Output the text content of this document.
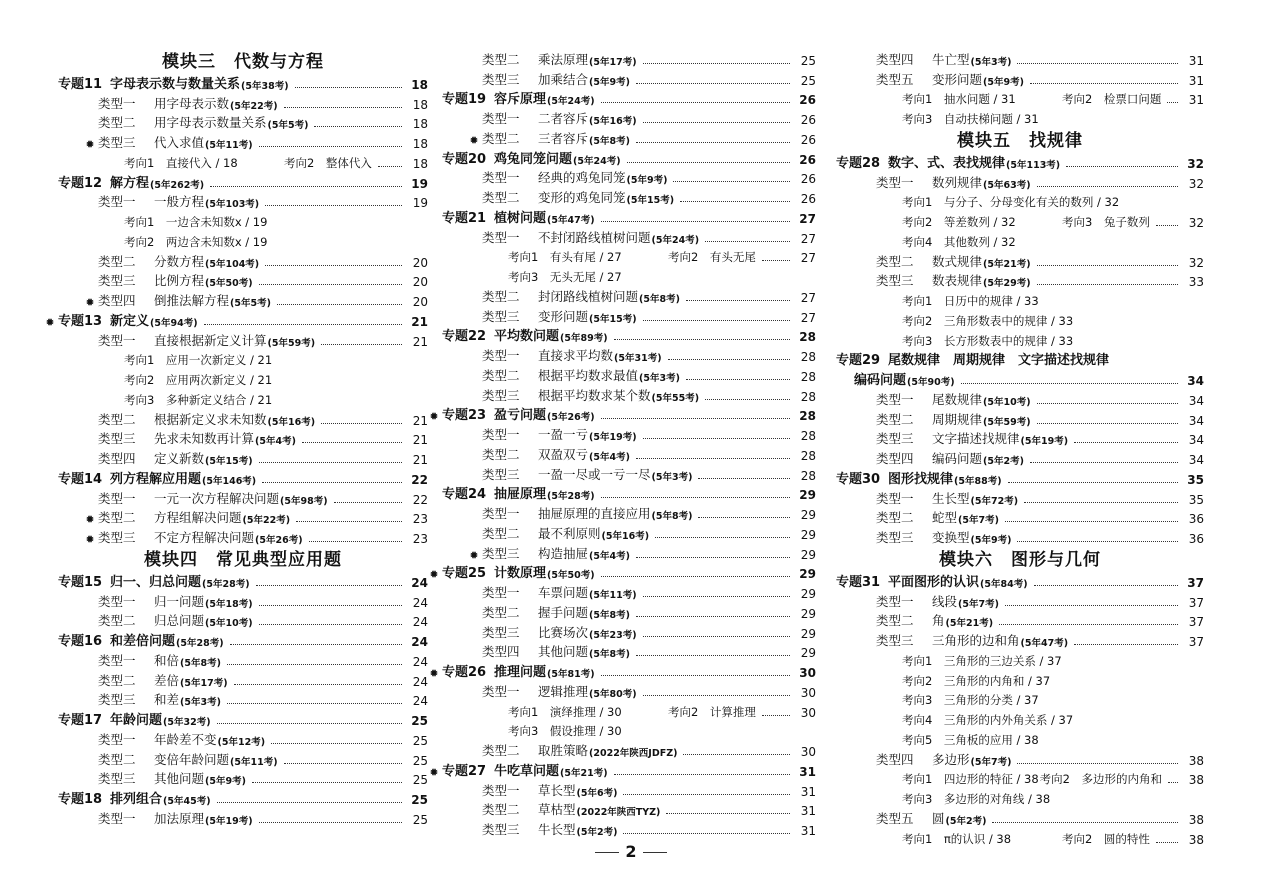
模块三　代数与方程
专题11 字母表示数与数量关系 (5年38考)	18
类型一	用字母表示数 (5年22考)	18
类型二	用字母表示数量关系 (5年5考)	18
✹ 类型三	代入求值 (5年11考)	18
考向1　直接代入 / 18	考向2　整体代入	18
专题12 解方程 (5年262考)	19
类型一	一般方程 (5年103考)	19
考向1　一边含未知数x / 19
考向2　两边含未知数x / 19
类型二	分数方程 (5年104考)	20
类型三	比例方程 (5年50考)	20
✹ 类型四	倒推法解方程 (5年5考)	20
✹ 专题13 新定义 (5年94考)	21
类型一	直接根据新定义计算 (5年59考)	21
考向1　应用一次新定义 / 21
考向2　应用两次新定义 / 21
考向3　多种新定义结合 / 21
类型二	根据新定义求未知数 (5年16考)	21
类型三	先求未知数再计算 (5年4考)	21
类型四	定义新数 (5年15考)	21
专题14 列方程解应用题 (5年146考)	22
类型一	一元一次方程解决问题 (5年98考)	22
✹ 类型二	方程组解决问题 (5年22考)	23
✹ 类型三	不定方程解决问题 (5年26考)	23
模块四　常见典型应用题
专题15 归一、归总问题 (5年28考)	24
类型一	归一问题 (5年18考)	24
类型二	归总问题 (5年10考)	24
专题16 和差倍问题 (5年28考)	24
类型一	和倍 (5年8考)	24
类型二	差倍 (5年17考)	24
类型三	和差 (5年3考)	24
专题17 年龄问题 (5年32考)	25
类型一	年龄差不变 (5年12考)	25
类型二	变倍年龄问题 (5年11考)	25
类型三	其他问题 (5年9考)	25
专题18 排列组合 (5年45考)	25
类型一	加法原理 (5年19考)	25
类型二	乘法原理 (5年17考)	25
类型三	加乘结合 (5年9考)	25
专题19 容斥原理 (5年24考)	26
类型一	二者容斥 (5年16考)	26
✹ 类型二	三者容斥 (5年8考)	26
专题20 鸡兔同笼问题 (5年24考)	26
类型一	经典的鸡兔同笼 (5年9考)	26
类型二	变形的鸡兔同笼 (5年15考)	26
专题21 植树问题 (5年47考)	27
类型一	不封闭路线植树问题 (5年24考)	27
考向1　有头有尾 / 27	考向2　有头无尾	27
考向3　无头无尾 / 27
类型二	封闭路线植树问题 (5年8考)	27
类型三	变形问题 (5年15考)	27
专题22 平均数问题 (5年89考)	28
类型一	直接求平均数 (5年31考)	28
类型二	根据平均数求最值 (5年3考)	28
类型三	根据平均数求某个数 (5年55考)	28
✹ 专题23 盈亏问题 (5年26考)	28
类型一	一盈一亏 (5年19考)	28
类型二	双盈双亏 (5年4考)	28
类型三	一盈一尽或一亏一尽 (5年3考)	28
专题24 抽屉原理 (5年28考)	29
类型一	抽屉原理的直接应用 (5年8考)	29
类型二	最不利原则 (5年16考)	29
✹ 类型三	构造抽屉 (5年4考)	29
✹ 专题25 计数原理 (5年50考)	29
类型一	车票问题 (5年11考)	29
类型二	握手问题 (5年8考)	29
类型三	比赛场次 (5年23考)	29
类型四	其他问题 (5年8考)	29
✹ 专题26 推理问题 (5年81考)	30
类型一	逻辑推理 (5年80考)	30
考向1　演绎推理 / 30	考向2　计算推理	30
考向3　假设推理 / 30
类型二	取胜策略 (2022年陕西JDFZ)	30
✹ 专题27 牛吃草问题 (5年21考)	31
类型一	草长型 (5年6考)	31
类型二	草枯型 (2022年陕西TYZ)	31
类型三	牛长型 (5年2考)	31
类型四	牛亡型 (5年3考)	31
类型五	变形问题 (5年9考)	31
考向1　抽水问题 / 31	考向2　检票口问题	31
考向3　自动扶梯问题 / 31
模块五　找规律
专题28 数字、式、表找规律 (5年113考)	32
类型一	数列规律 (5年63考)	32
考向1　与分子、分母变化有关的数列 / 32
考向2　等差数列 / 32	考向3　兔子数列	32
考向4　其他数列 / 32
类型二	数式规律 (5年21考)	32
类型三	数表规律 (5年29考)	33
考向1　日历中的规律 / 33
考向2　三角形数表中的规律 / 33
考向3　长方形数表中的规律 / 33
专题29 尾数规律　周期规律　文字描述找规律
编码问题 (5年90考)	34
类型一	尾数规律 (5年10考)	34
类型二	周期规律 (5年59考)	34
类型三	文字描述找规律 (5年19考)	34
类型四	编码问题 (5年2考)	34
专题30 图形找规律 (5年88考)	35
类型一	生长型 (5年72考)	35
类型二	蛇型 (5年7考)	36
类型三	变换型 (5年9考)	36
模块六　图形与几何
专题31 平面图形的认识 (5年84考)	37
类型一	线段 (5年7考)	37
类型二	角 (5年21考)	37
类型三	三角形的边和角 (5年47考)	37
考向1　三角形的三边关系 / 37
考向2　三角形的内角和 / 37
考向3　三角形的分类 / 37
考向4　三角形的内外角关系 / 37
考向5　三角板的应用 / 38
类型四	多边形 (5年7考)	38
考向1　四边形的特征 / 38 考向2　多边形的内角和	38
考向3　多边形的对角线 / 38
类型五	圆 (5年2考)	38
考向1　π的认识 / 38	考向2　圆的特性	38
2
